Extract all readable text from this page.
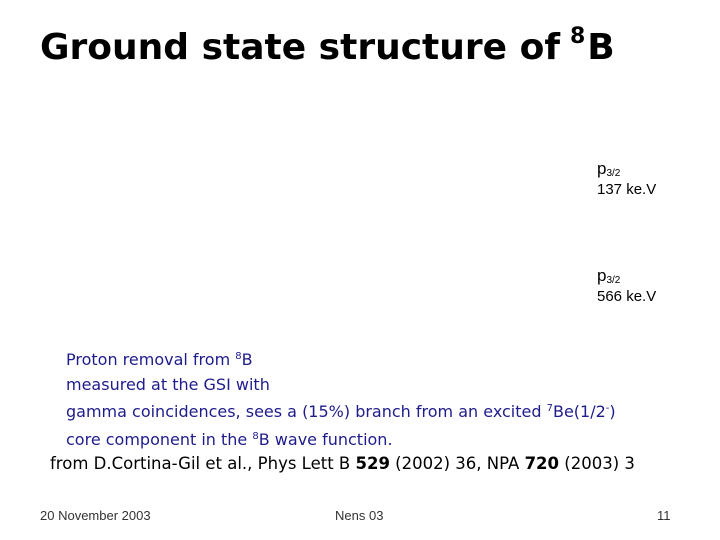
Ground state structure of $^8$B
$p_{3/2}$
137 ke.V
$p_{3/2}$
566 ke.V
Proton removal from $^8$B
measured at the GSI with
gamma coincidences, sees a (15%) branch from an excited $^7$Be(1/2-)
core component in the $^8$B wave function.
from D.Cortina-Gil et al., Phys Lett B 529 (2002) 36, NPA 720 (2003) 3
20 November 2003	Nens 03	11
